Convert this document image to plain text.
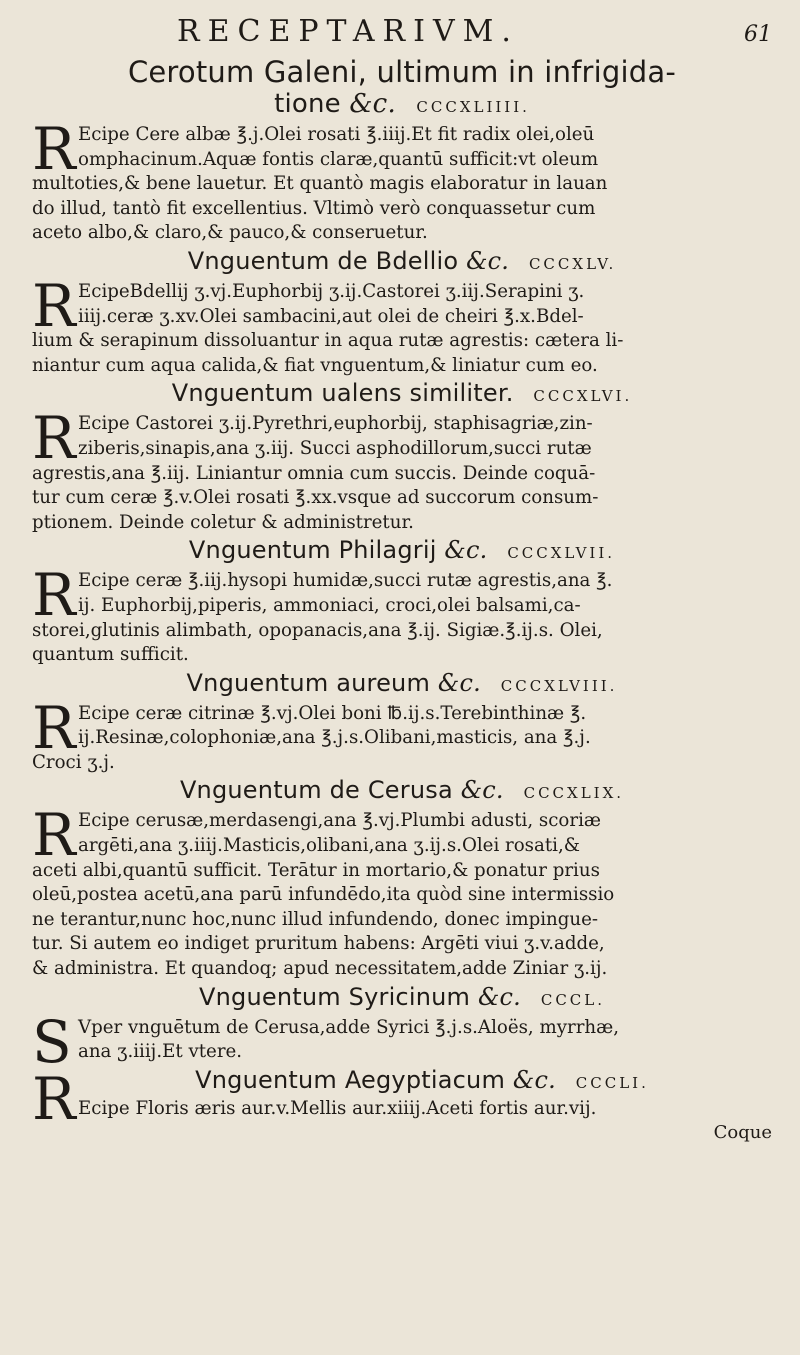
RECEPTARIVM.	61
Cerotum Galeni, ultimum in infrigida-
tione &c. CCCXLIIII.
R Ecipe Cere albæ ℥.j.Olei rosati ℥.iiij.Et fit radix olei,oleū
omphacinum.Aquæ fontis claræ,quantū sufficit:vt oleum
multoties,& bene lauetur. Et quantò magis elaboratur in lauan
do illud, tantò fit excellentius. Vltimò verò conquassetur cum
aceto albo,& claro,& pauco,& conseruetur.
Vnguentum de Bdellio &c. CCCXLV.
R EcipeBdellij ʒ.vj.Euphorbij ʒ.ij.Castorei ʒ.iij.Serapini ʒ.
iiij.ceræ ʒ.xv.Olei sambacini,aut olei de cheiri ℥.x.Bdel-
lium & serapinum dissoluantur in aqua rutæ agrestis: cætera li-
niantur cum aqua calida,& fiat vnguentum,& liniatur cum eo.
Vnguentum ualens similiter. CCCXLVI.
R Ecipe Castorei ʒ.ij.Pyrethri,euphorbij, staphisagriæ,zin-
ziberis,sinapis,ana ʒ.iij. Succi asphodillorum,succi rutæ
agrestis,ana ℥.iij. Liniantur omnia cum succis. Deinde coquā-
tur cum ceræ ℥.v.Olei rosati ℥.xx.vsque ad succorum consum-
ptionem. Deinde coletur & administretur.
Vnguentum Philagrij &c. CCCXLVII.
R Ecipe ceræ ℥.iij.hysopi humidæ,succi rutæ agrestis,ana ℥.
ij. Euphorbij,piperis, ammoniaci, croci,olei balsami,ca-
storei,glutinis alimbath, opopanacis,ana ℥.ij. Sigiæ.℥.ij.s. Olei,
quantum sufficit.
Vnguentum aureum &c. CCCXLVIII.
R Ecipe ceræ citrinæ ℥.vj.Olei boni ℔.ij.s.Terebinthinæ ℥.
ij.Resinæ,colophoniæ,ana ℥.j.s.Olibani,masticis, ana ℥.j.
Croci ʒ.j.
Vnguentum de Cerusa &c. CCCXLIX.
R Ecipe cerusæ,merdasengi,ana ℥.vj.Plumbi adusti, scoriæ
argēti,ana ʒ.iiij.Masticis,olibani,ana ʒ.ij.s.Olei rosati,&
aceti albi,quantū sufficit. Terātur in mortario,& ponatur prius
oleū,postea acetū,ana parū infundēdo,ita quòd sine intermissio
ne terantur,nunc hoc,nunc illud infundendo, donec impingue-
tur. Si autem eo indiget pruritum habens: Argēti viui ʒ.v.adde,
& administra. Et quandoq; apud necessitatem,adde Ziniar ʒ.ij.
Vnguentum Syricinum &c. CCCL.
S Vper vnguētum de Cerusa,adde Syrici ℥.j.s.Aloës, myrrhæ,
ana ʒ.iiij.Et vtere.
Vnguentum Aegyptiacum &c. CCCLI.
R Ecipe Floris æris aur.v.Mellis aur.xiiij.Aceti fortis aur.vij.
Coque
